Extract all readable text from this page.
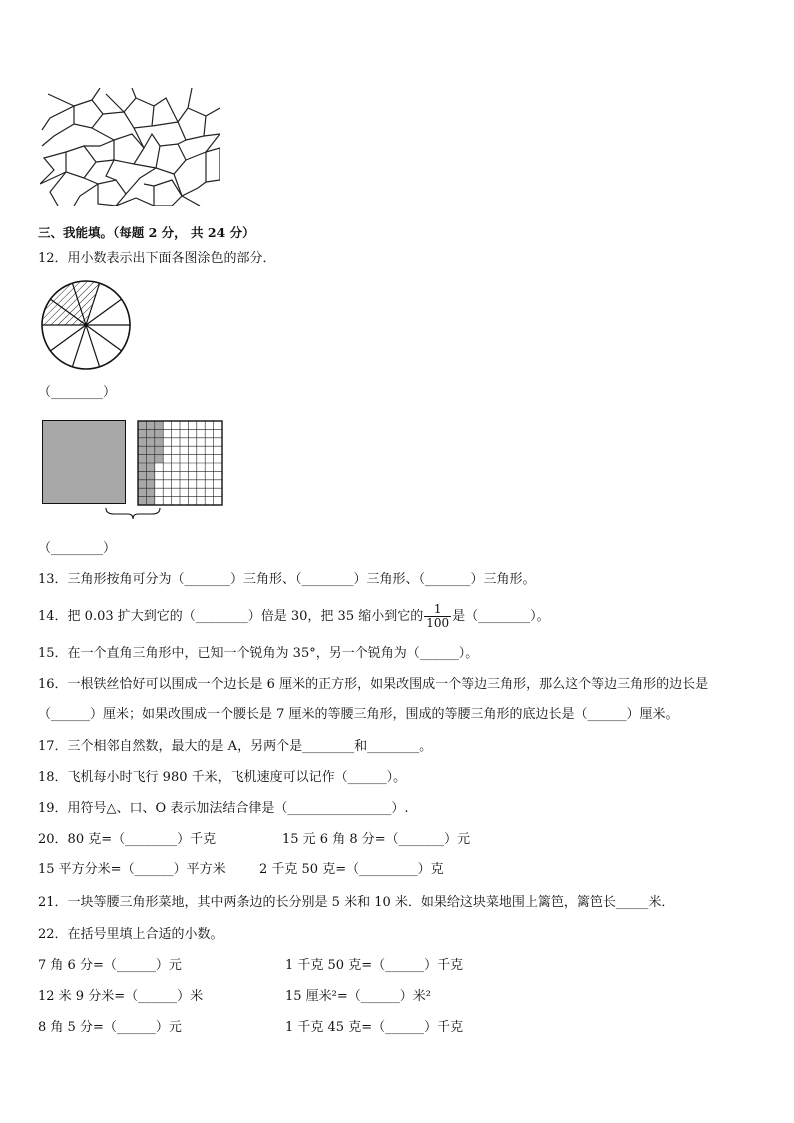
三、我能填。（每题 2 分， 共 24 分）
12．用小数表示出下面各图涂色的部分．
（________）
（________）
13．三角形按角可分为（_______）三角形、（________）三角形、（_______）三角形。
14．把 0.03 扩大到它的（________）倍是 30，把 35 缩小到它的 $\frac{1}{100}$ 是（________）。
15．在一个直角三角形中，已知一个锐角为 35°，另一个锐角为（______）。
16．一根铁丝恰好可以围成一个边长是 6 厘米的正方形，如果改围成一个等边三角形，那么这个等边三角形的边长是
（______）厘米；如果改围成一个腰长是 7 厘米的等腰三角形，围成的等腰三角形的底边长是（______）厘米。
17．三个相邻自然数，最大的是 A，另两个是________和________。
18．飞机每小时飞行 980 千米，飞机速度可以记作（______）。
19．用符号△、口、O 表示加法结合律是（________________）.
20．80 克=（________）千克	15 元 6 角 8 分=（_______）元
15 平方分米=（______）平方米	2 千克 50 克=（_________）克
21．一块等腰三角形菜地，其中两条边的长分别是 5 米和 10 米．如果给这块菜地围上篱笆，篱笆长_____米．
22．在括号里填上合适的小数。
7 角 6 分=（______）元	1 千克 50 克=（______）千克
12 米 9 分米=（______）米	15 厘米²=（______）米²
8 角 5 分=（______）元	1 千克 45 克=（______）千克
